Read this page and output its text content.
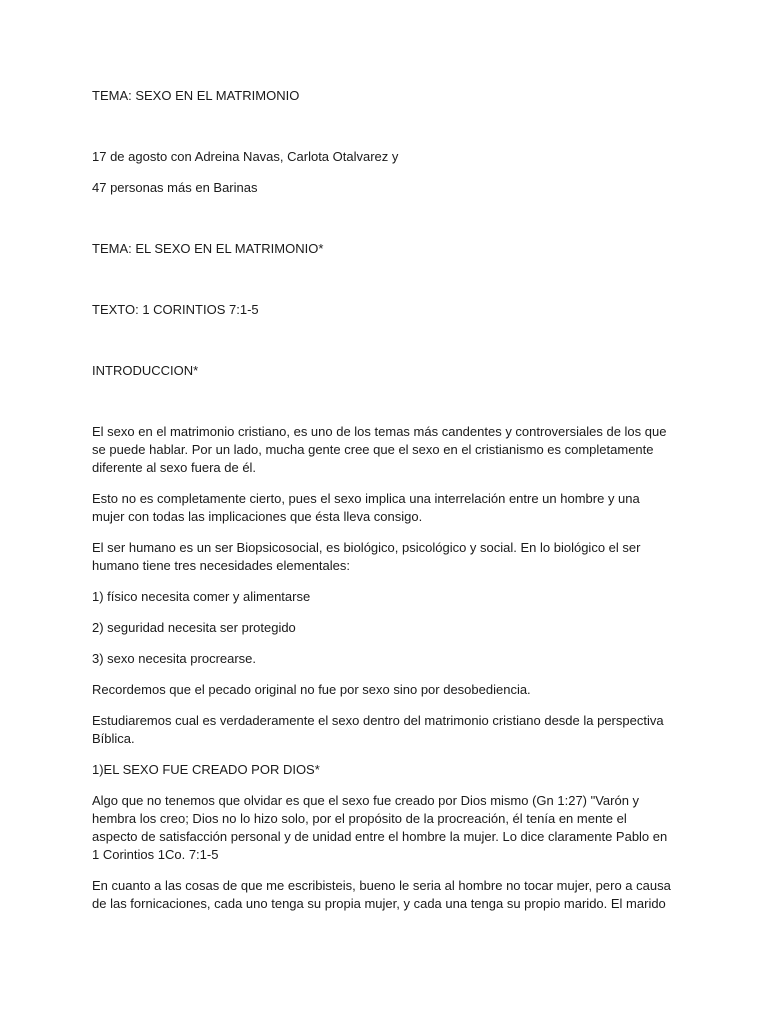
TEMA: SEXO EN EL MATRIMONIO

17 de agosto con Adreina Navas, Carlota Otalvarez y

47 personas más en Barinas

TEMA: EL SEXO EN EL MATRIMONIO*

TEXTO: 1 CORINTIOS 7:1-5

INTRODUCCION*

El sexo en el matrimonio cristiano, es uno de los temas más candentes y controversiales de los que
se puede hablar. Por un lado, mucha gente cree que el sexo en el cristianismo es completamente
diferente al sexo fuera de él.
Esto no es completamente cierto, pues el sexo implica una interrelación entre un hombre y una
mujer con todas las implicaciones que ésta lleva consigo.
El ser humano es un ser Biopsicosocial, es biológico, psicológico y social. En lo biológico el ser
humano tiene tres necesidades elementales:

1) físico necesita comer y alimentarse

2) seguridad necesita ser protegido

3) sexo necesita procrearse.

Recordemos que el pecado original no fue por sexo sino por desobediencia.

Estudiaremos cual es verdaderamente el sexo dentro del matrimonio cristiano desde la perspectiva
Bíblica.

1)EL SEXO FUE CREADO POR DIOS*

Algo que no tenemos que olvidar es que el sexo fue creado por Dios mismo (Gn 1:27) "Varón y
hembra los creo; Dios no lo hizo solo, por el propósito de la procreación, él tenía en mente el
aspecto de satisfacción personal y de unidad entre el hombre la mujer. Lo dice claramente Pablo en
1 Corintios 1Co. 7:1-5
En cuanto a las cosas de que me escribisteis, bueno le seria al hombre no tocar mujer, pero a causa
de las fornicaciones, cada uno tenga su propia mujer, y cada una tenga su propio marido. El marido
